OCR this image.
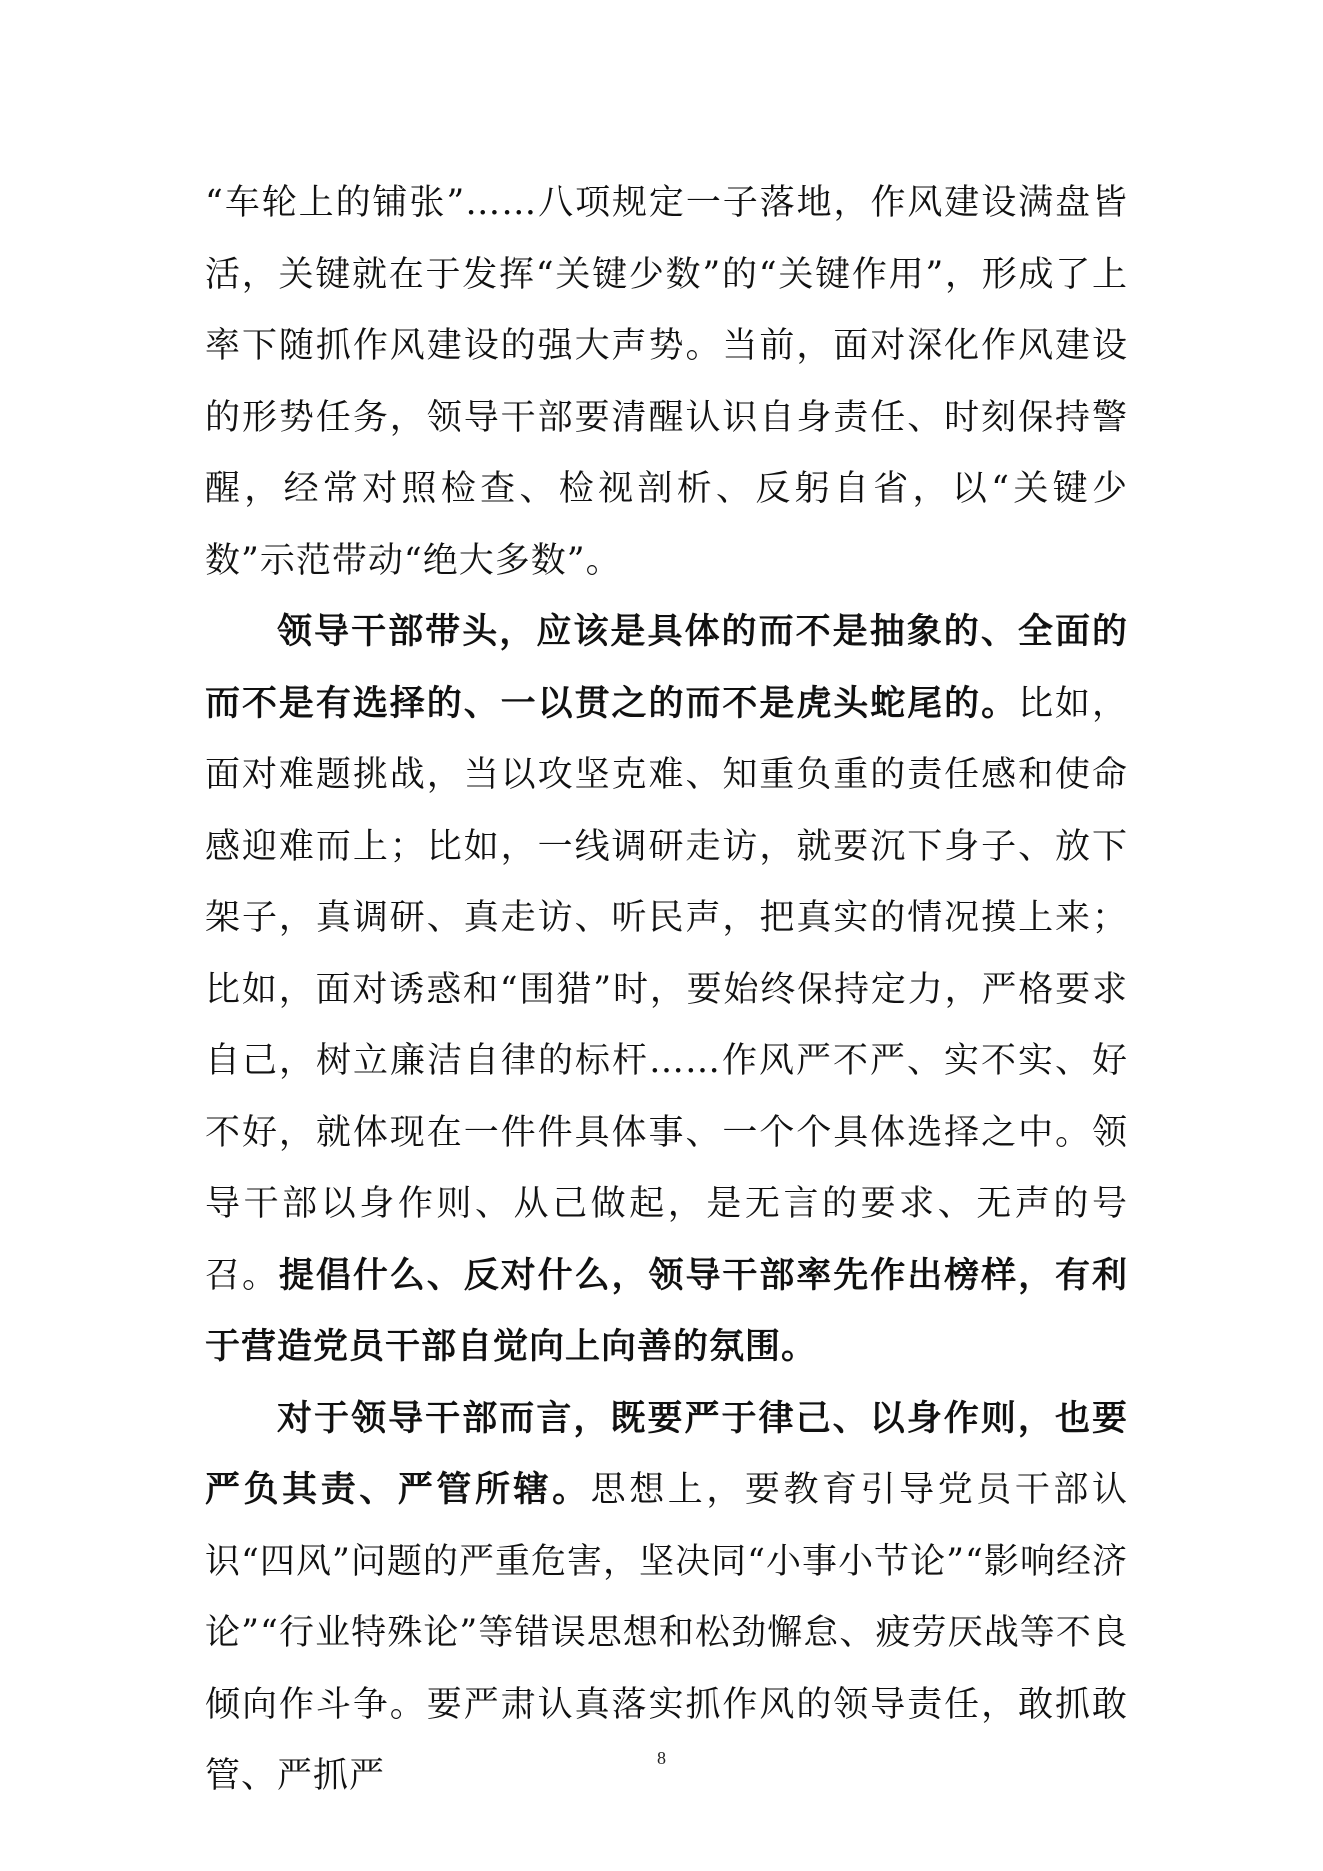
“车轮上的铺张”……八项规定一子落地，作风建设满盘皆活，关键就在于发挥“关键少数”的“关键作用”，形成了上率下随抓作风建设的强大声势。当前，面对深化作风建设的形势任务，领导干部要清醒认识自身责任、时刻保持警醒，经常对照检查、检视剖析、反躬自省，以“关键少数”示范带动“绝大多数”。

领导干部带头，应该是具体的而不是抽象的、全面的而不是有选择的、一以贯之的而不是虎头蛇尾的。比如，面对难题挑战，当以攻坚克难、知重负重的责任感和使命感迎难而上；比如，一线调研走访，就要沉下身子、放下架子，真调研、真走访、听民声，把真实的情况摸上来；比如，面对诱惑和“围猎”时，要始终保持定力，严格要求自己，树立廉洁自律的标杆……作风严不严、实不实、好不好，就体现在一件件具体事、一个个具体选择之中。领导干部以身作则、从己做起，是无言的要求、无声的号召。提倡什么、反对什么，领导干部率先作出榜样，有利于营造党员干部自觉向上向善的氛围。

对于领导干部而言，既要严于律己、以身作则，也要严负其责、严管所辖。思想上，要教育引导党员干部认识“四风”问题的严重危害，坚决同“小事小节论”“影响经济论”“行业特殊论”等错误思想和松劲懈怠、疲劳厌战等不良倾向作斗争。要严肃认真落实抓作风的领导责任，敢抓敢管、严抓严	8
